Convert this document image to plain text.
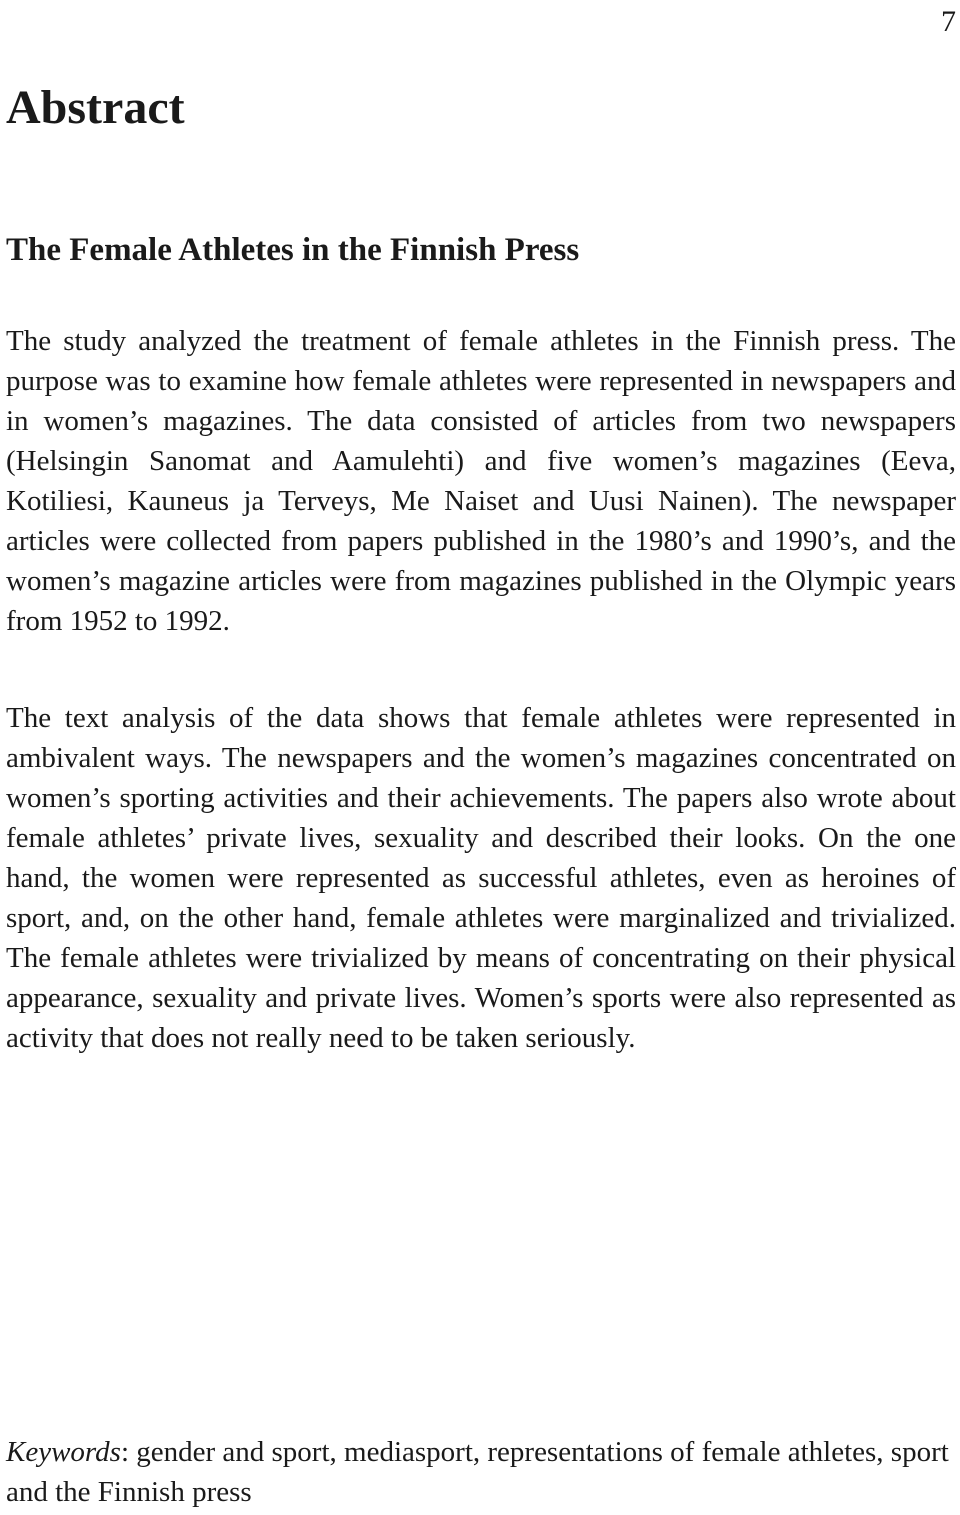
7
Abstract
The Female Athletes in the Finnish Press

The study analyzed the treatment of female athletes in the Finnish press. The purpose was to examine how female athletes were represented in newspapers and in women’s magazines. The data consisted of articles from two newspapers (Helsingin Sanomat and Aamulehti) and five women’s magazines (Eeva, Kotiliesi, Kauneus ja Terveys, Me Naiset and Uusi Nainen). The newspaper articles were collected from papers published in the 1980’s and 1990’s, and the women’s magazine articles were from magazines published in the Olympic years from 1952 to 1992.

The text analysis of the data shows that female athletes were represented in ambivalent ways. The newspapers and the women’s magazines concentrated on women’s sporting activities and their achievements. The papers also wrote about female athletes’ private lives, sexuality and described their looks. On the one hand, the women were represented as successful athletes, even as heroines of sport, and, on the other hand, female athletes were marginalized and trivialized. The female athletes were trivialized by means of concentrating on their physical appearance, sexuality and private lives. Women’s sports were also represented as activity that does not really need to be taken seriously.

Keywords: gender and sport, mediasport, representations of female athletes, sport and the Finnish press
